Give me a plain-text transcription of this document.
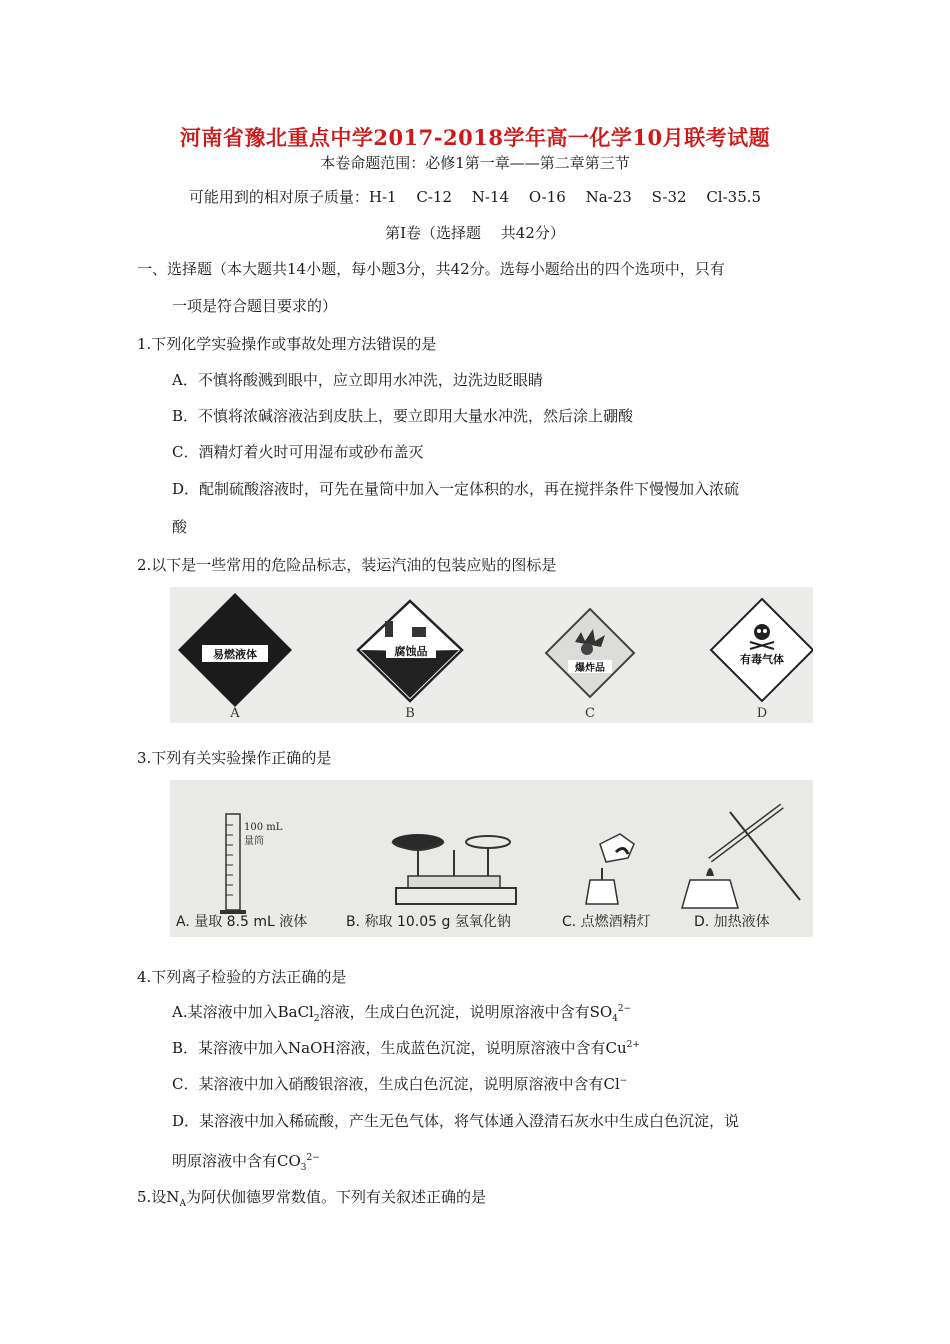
河南省豫北重点中学2017-2018学年高一化学10月联考试题
本卷命题范围：必修1第一章——第二章第三节
可能用到的相对原子质量：H-1　 C-12　 N-14　 O-16　 Na-23　 S-32　 Cl-35.5
第Ⅰ卷（选择题　 共42分）
一、选择题（本大题共14小题，每小题3分，共42分。选每小题给出的四个选项中，只有
一项是符合题目要求的）
1.下列化学实验操作或事故处理方法错误的是
A．不慎将酸溅到眼中，应立即用水冲洗，边洗边眨眼睛
B．不慎将浓碱溶液沾到皮肤上，要立即用大量水冲洗，然后涂上硼酸
C．酒精灯着火时可用湿布或砂布盖灭
D．配制硫酸溶液时，可先在量筒中加入一定体积的水，再在搅拌条件下慢慢加入浓硫
酸
2.以下是一些常用的危险品标志，装运汽油的包装应贴的图标是
易燃液体
A
腐蚀品
B
爆炸品
C
有毒气体
D
3.下列有关实验操作正确的是
100 mL
量筒
A. 量取 8.5 mL 液体	B. 称取 10.05 g 氢氧化钠	C. 点燃酒精灯	D. 加热液体
4.下列离子检验的方法正确的是
A.某溶液中加入BaCl$_2$溶液，生成白色沉淀，说明原溶液中含有$SO_4^{2-}$
B．某溶液中加入NaOH溶液，生成蓝色沉淀，说明原溶液中含有$Cu^{2+}$
C．某溶液中加入硝酸银溶液，生成白色沉淀，说明原溶液中含有Cl−
D．某溶液中加入稀硫酸，产生无色气体，将气体通入澄清石灰水中生成白色沉淀，说
明原溶液中含有$CO_3^{2-}$
5.设$N_A$为阿伏伽德罗常数值。下列有关叙述正确的是
